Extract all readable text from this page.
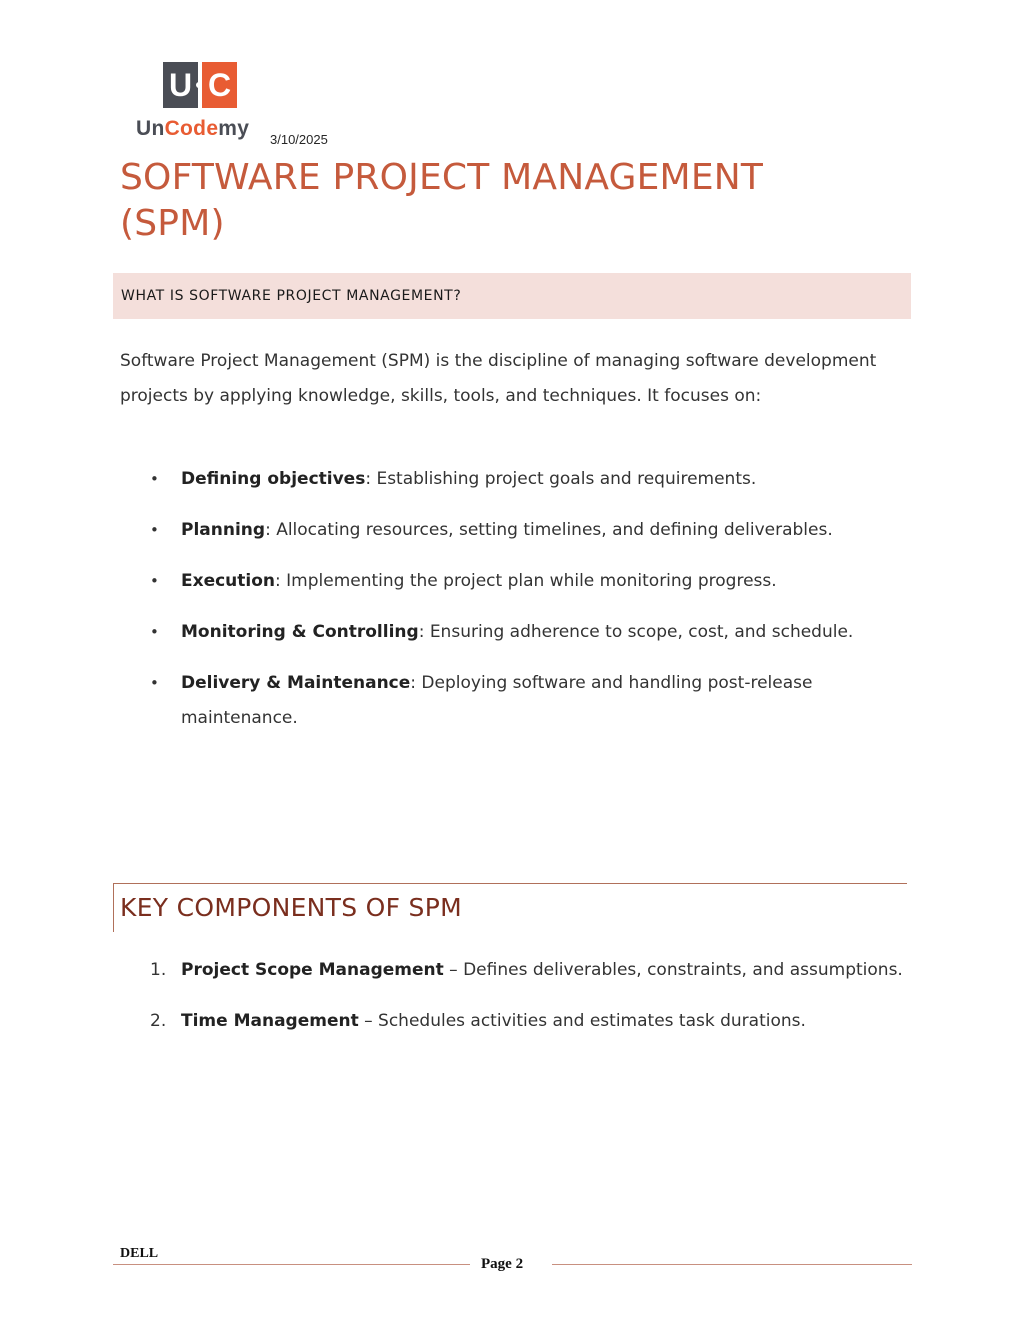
U C
UnCodemy 3/10/2025
SOFTWARE PROJECT MANAGEMENT (SPM)
WHAT IS SOFTWARE PROJECT MANAGEMENT?
Software Project Management (SPM) is the discipline of managing software development projects by applying knowledge, skills, tools, and techniques. It focuses on:
• Defining objectives: Establishing project goals and requirements.
• Planning: Allocating resources, setting timelines, and defining deliverables.
• Execution: Implementing the project plan while monitoring progress.
• Monitoring & Controlling: Ensuring adherence to scope, cost, and schedule.
• Delivery & Maintenance: Deploying software and handling post-release maintenance.
KEY COMPONENTS OF SPM
1. Project Scope Management – Defines deliverables, constraints, and assumptions.
2. Time Management – Schedules activities and estimates task durations.
DELL
Page 2
